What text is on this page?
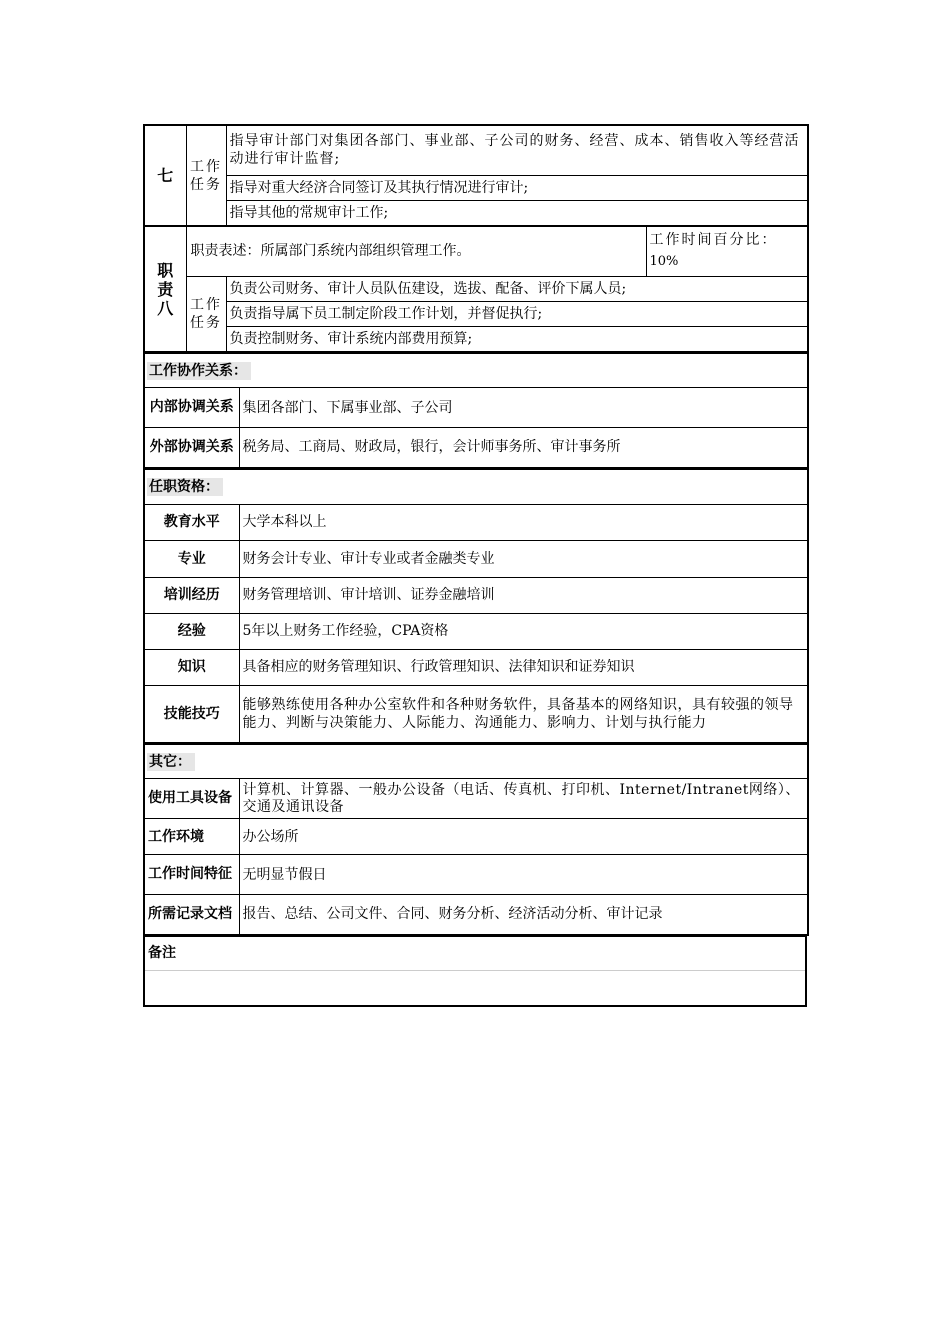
七	工作任务	指导审计部门对集团各部门、事业部、子公司的财务、经营、成本、销售收入等经营活动进行审计监督;	
		指导对重大经济合同签订及其执行情况进行审计;	
		指导其他的常规审计工作;	
职责八	职责表述：所属部门系统内部组织管理工作。		工作时间百分比：
10%

	工作任务	负责公司财务、审计人员队伍建设，选拔、配备、评价下属人员;	
		负责指导属下员工制定阶段工作计划，并督促执行;	
		负责控制财务、审计系统内部费用预算;	
工作协作关系：	
内部协调关系	集团各部门、下属事业部、子公司
外部协调关系	税务局、工商局、财政局，银行，会计师事务所、审计事务所
任职资格：	
教育水平	大学本科以上
专业	财务会计专业、审计专业或者金融类专业
培训经历	财务管理培训、审计培训、证券金融培训
经验	5年以上财务工作经验，CPA资格
知识	具备相应的财务管理知识、行政管理知识、法律知识和证券知识
技能技巧	能够熟练使用各种办公室软件和各种财务软件，具备基本的网络知识，具有较强的领导能力、判断与决策能力、人际能力、沟通能力、影响力、计划与执行能力
其它：	
使用工具设备	计算机、计算器、一般办公设备（电话、传真机、打印机、Internet/Intranet网络）、交通及通讯设备
工作环境	办公场所
工作时间特征	无明显节假日
所需记录文档	报告、总结、公司文件、合同、财务分析、经济活动分析、审计记录
备注
